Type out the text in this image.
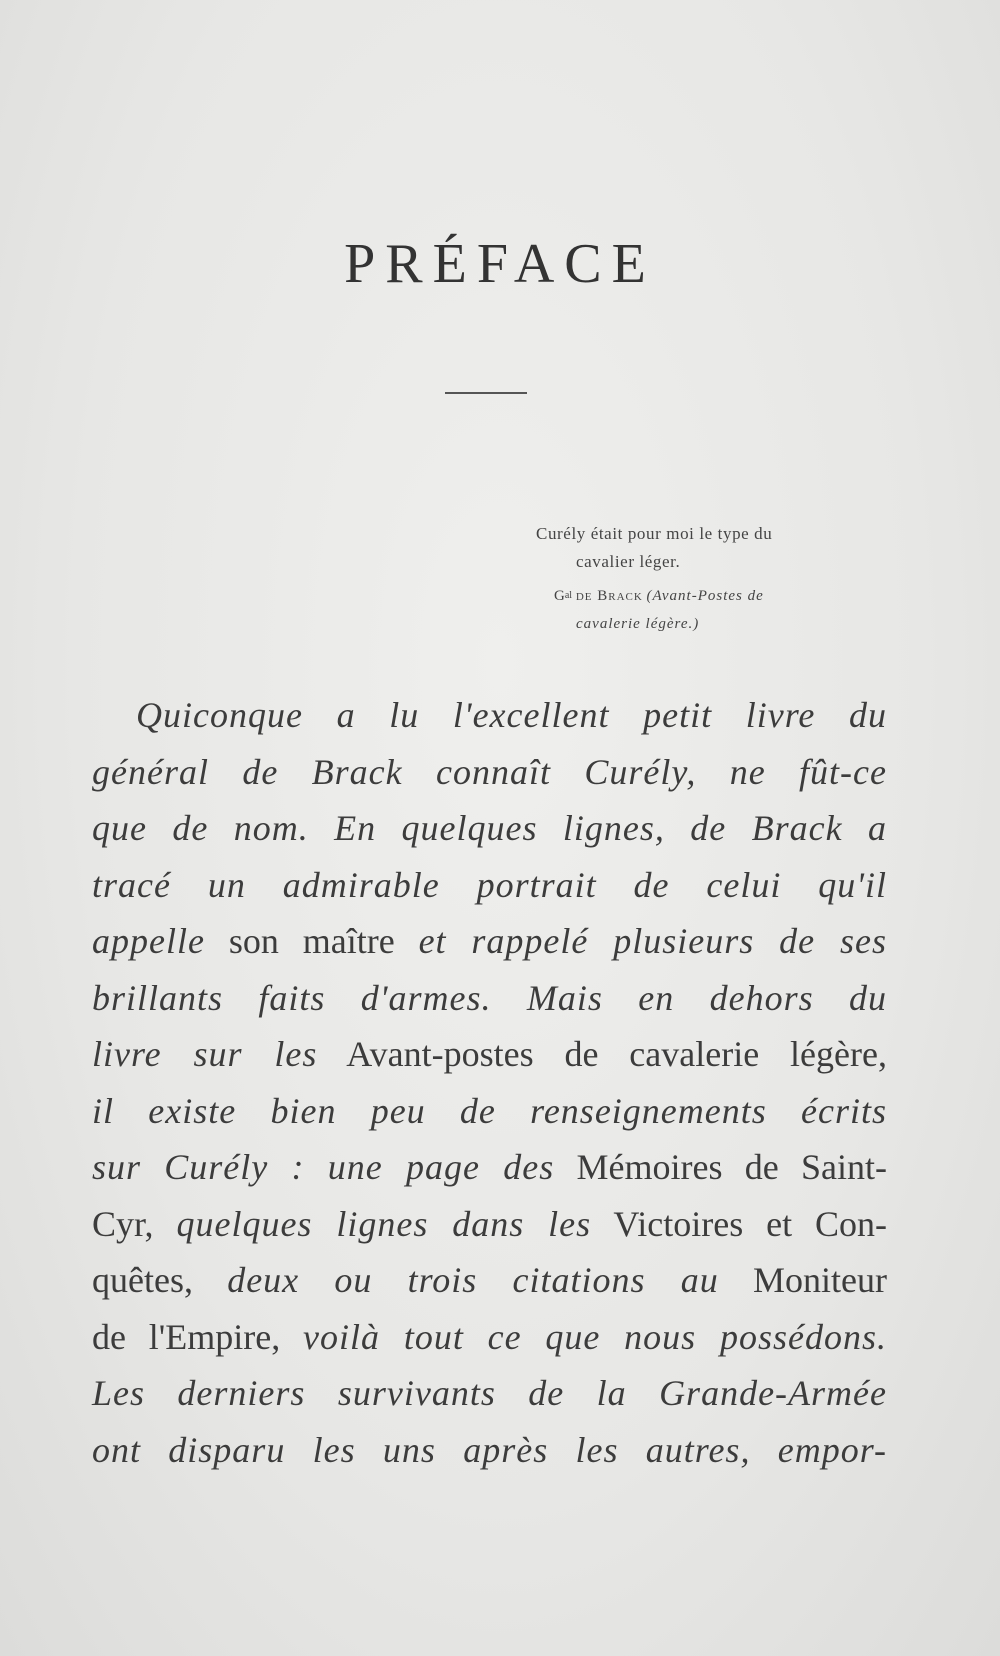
PRÉFACE
Curély était pour moi le type du
cavalier léger.
$G^{al}$ de Brack (Avant-Postes de
cavalerie légère.)
Quiconque a lu l'excellent petit livre du
général de Brack connaît Curély, ne fût-ce
que de nom. En quelques lignes, de Brack a
tracé un admirable portrait de celui qu'il
appelle son maître et rappelé plusieurs de ses
brillants faits d'armes. Mais en dehors du
livre sur les Avant-postes de cavalerie légère,
il existe bien peu de renseignements écrits
sur Curély : une page des Mémoires de Saint-
Cyr, quelques lignes dans les Victoires et Con-
quêtes, deux ou trois citations au Moniteur
de l'Empire, voilà tout ce que nous possédons.
Les derniers survivants de la Grande-Armée
ont disparu les uns après les autres, empor-
